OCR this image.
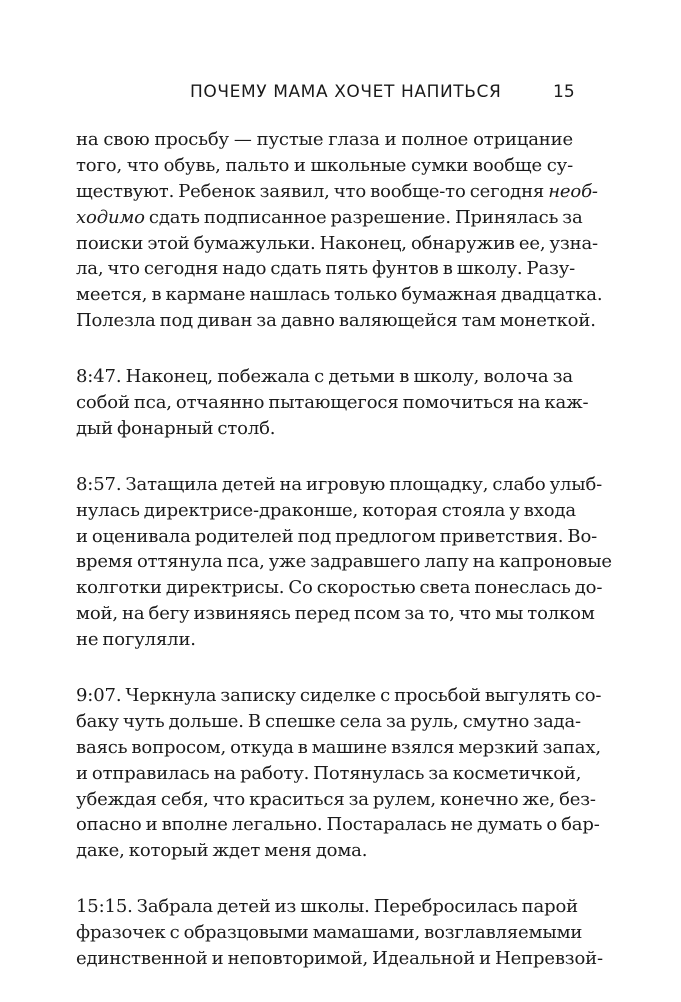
ПОЧЕМУ МАМА ХОЧЕТ НАПИТЬСЯ	15

на свою просьбу — пустые глаза и полное отрицание
того, что обувь, пальто и школьные сумки вообще су-
ществуют. Ребенок заявил, что вообще-то сегодня необ-
ходимо сдать подписанное разрешение. Принялась за
поиски этой бумажульки. Наконец, обнаружив ее, узна-
ла, что сегодня надо сдать пять фунтов в школу. Разу-
меется, в кармане нашлась только бумажная двадцатка.
Полезла под диван за давно валяющейся там монеткой.

8:47. Наконец, побежала с детьми в школу, волоча за
собой пса, отчаянно пытающегося помочиться на каж-
дый фонарный столб.

8:57. Затащила детей на игровую площадку, слабо улыб-
нулась директрисе-драконше, которая стояла у входа
и оценивала родителей под предлогом приветствия. Во-
время оттянула пса, уже задравшего лапу на капроновые
колготки директрисы. Со скоростью света понеслась до-
мой, на бегу извиняясь перед псом за то, что мы толком
не погуляли.

9:07. Черкнула записку сиделке с просьбой выгулять со-
баку чуть дольше. В спешке села за руль, смутно зада-
ваясь вопросом, откуда в машине взялся мерзкий запах,
и отправилась на работу. Потянулась за косметичкой,
убеждая себя, что краситься за рулем, конечно же, без-
опасно и вполне легально. Постаралась не думать о бар-
даке, который ждет меня дома.

15:15. Забрала детей из школы. Перебросилась парой
фразочек с образцовыми мамашами, возглавляемыми
единственной и неповторимой, Идеальной и Непревзой-
